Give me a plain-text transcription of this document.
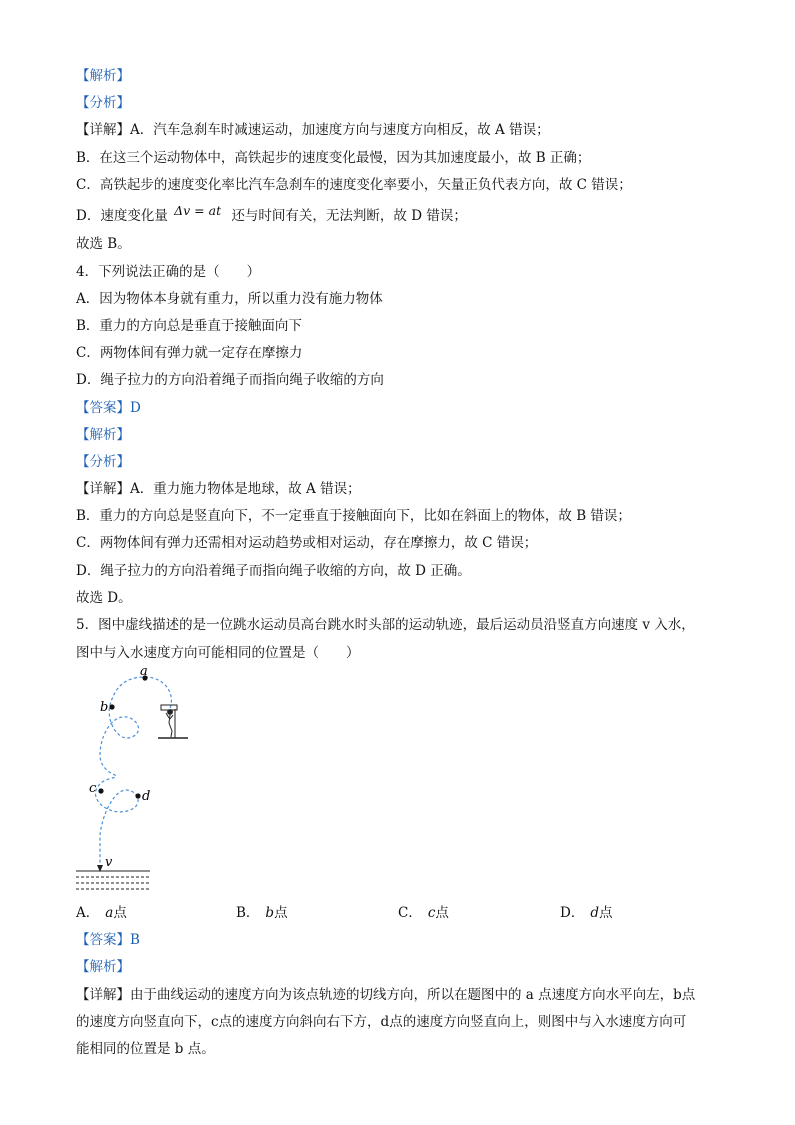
【解析】
【分析】
【详解】A．汽车急刹车时减速运动，加速度方向与速度方向相反，故 A 错误；
B．在这三个运动物体中，高铁起步的速度变化最慢，因为其加速度最小，故 B 正确；
C．高铁起步的速度变化率比汽车急刹车的速度变化率要小，矢量正负代表方向，故 C 错误；
D．速度变化量 Δv = at 还与时间有关，无法判断，故 D 错误；
故选 B。
4．下列说法正确的是（　　）
A．因为物体本身就有重力，所以重力没有施力物体
B．重力的方向总是垂直于接触面向下
C．两物体间有弹力就一定存在摩擦力
D．绳子拉力的方向沿着绳子而指向绳子收缩的方向
【答案】D
【解析】
【分析】
【详解】A．重力施力物体是地球，故 A 错误；
B．重力的方向总是竖直向下，不一定垂直于接触面向下，比如在斜面上的物体，故 B 错误；
C．两物体间有弹力还需相对运动趋势或相对运动，存在摩擦力，故 C 错误；
D．绳子拉力的方向沿着绳子而指向绳子收缩的方向，故 D 正确。
故选 D。
5．图中虚线描述的是一位跳水运动员高台跳水时头部的运动轨迹，最后运动员沿竖直方向速度 v 入水，
图中与入水速度方向可能相同的位置是（　　）
a
b
c
d
v
A． a点	B． b点	C． c点	D． d点
【答案】B
【解析】
【详解】由于曲线运动的速度方向为该点轨迹的切线方向，所以在题图中的 a 点速度方向水平向左，b点
的速度方向竖直向下，c点的速度方向斜向右下方，d点的速度方向竖直向上，则图中与入水速度方向可
能相同的位置是 b 点。
